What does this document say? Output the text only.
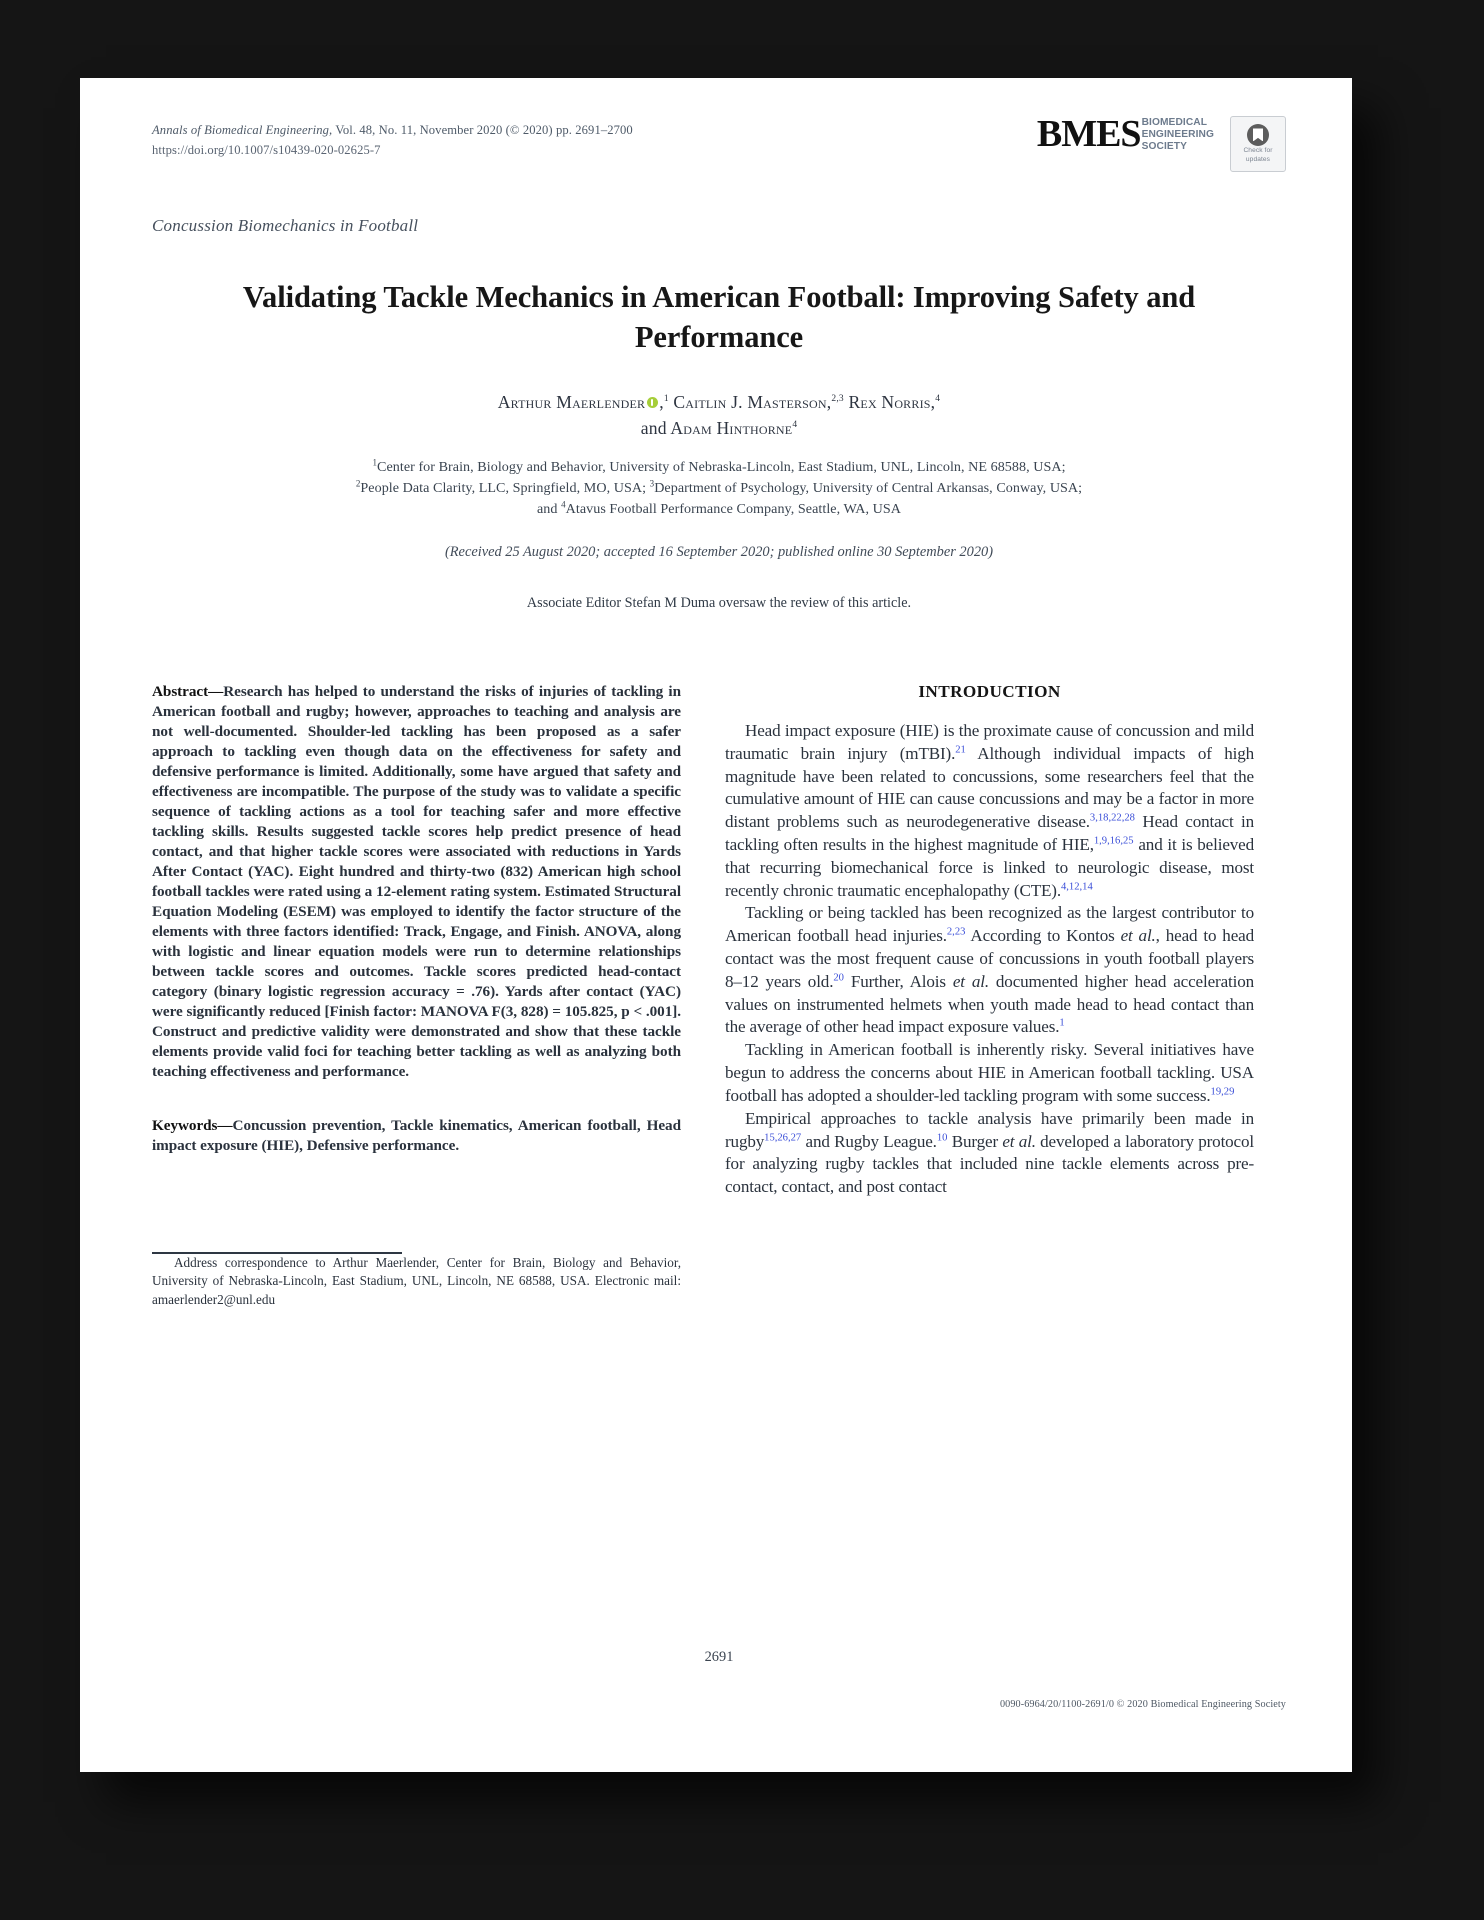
Annals of Biomedical Engineering, Vol. 48, No. 11, November 2020 (© 2020) pp. 2691–2700
https://doi.org/10.1007/s10439-020-02625-7	BMES BIOMEDICAL
ENGINEERING
SOCIETY	Check for
updates
Concussion Biomechanics in Football
Validating Tackle Mechanics in American Football: Improving Safety and Performance
Arthur Maerlender ,$^1$ Caitlin J. Masterson,$^{2,3}$ Rex Norris,$^4$
and Adam Hinthorne$^4$
$^1$Center for Brain, Biology and Behavior, University of Nebraska-Lincoln, East Stadium, UNL, Lincoln, NE 68588, USA;
$^2$People Data Clarity, LLC, Springfield, MO, USA; $^3$Department of Psychology, University of Central Arkansas, Conway, USA;
and $^4$Atavus Football Performance Company, Seattle, WA, USA
(Received 25 August 2020; accepted 16 September 2020; published online 30 September 2020)
Associate Editor Stefan M Duma oversaw the review of this article.

Abstract—Research has helped to understand the risks of injuries of tackling in American football and rugby; however, approaches to teaching and analysis are not well-documented. Shoulder-led tackling has been proposed as a safer approach to tackling even though data on the effectiveness for safety and defensive performance is limited. Additionally, some have argued that safety and effectiveness are incompatible. The purpose of the study was to validate a specific sequence of tackling actions as a tool for teaching safer and more effective tackling skills. Results suggested tackle scores help predict presence of head contact, and that higher tackle scores were associated with reductions in Yards After Contact (YAC). Eight hundred and thirty-two (832) American high school football tackles were rated using a 12-element rating system. Estimated Structural Equation Modeling (ESEM) was employed to identify the factor structure of the elements with three factors identified: Track, Engage, and Finish. ANOVA, along with logistic and linear equation models were run to determine relationships between tackle scores and outcomes. Tackle scores predicted head-contact category (binary logistic regression accuracy = .76). Yards after contact (YAC) were significantly reduced [Finish factor: MANOVA F(3, 828) = 105.825, p < .001]. Construct and predictive validity were demonstrated and show that these tackle elements provide valid foci for teaching better tackling as well as analyzing both teaching effectiveness and performance.

Keywords—Concussion prevention, Tackle kinematics, American football, Head impact exposure (HIE), Defensive performance.

Address correspondence to Arthur Maerlender, Center for Brain, Biology and Behavior, University of Nebraska-Lincoln, East Stadium, UNL, Lincoln, NE 68588, USA. Electronic mail: amaerlender2@unl.edu

INTRODUCTION

Head impact exposure (HIE) is the proximate cause of concussion and mild traumatic brain injury (mTBI).$^{21}$ Although individual impacts of high magnitude have been related to concussions, some researchers feel that the cumulative amount of HIE can cause concussions and may be a factor in more distant problems such as neurodegenerative disease.$^{3,18,22,28}$ Head contact in tackling often results in the highest magnitude of HIE,$^{1,9,16,25}$ and it is believed that recurring biomechanical force is linked to neurologic disease, most recently chronic traumatic encephalopathy (CTE).$^{4,12,14}$

Tackling or being tackled has been recognized as the largest contributor to American football head injuries.$^{2,23}$ According to Kontos et al., head to head contact was the most frequent cause of concussions in youth football players 8–12 years old.$^{20}$ Further, Alois et al. documented higher head acceleration values on instrumented helmets when youth made head to head contact than the average of other head impact exposure values.$^1$

Tackling in American football is inherently risky. Several initiatives have begun to address the concerns about HIE in American football tackling. USA football has adopted a shoulder-led tackling program with some success.$^{19,29}$

Empirical approaches to tackle analysis have primarily been made in rugby$^{15,26,27}$ and Rugby League.$^{10}$ Burger et al. developed a laboratory protocol for analyzing rugby tackles that included nine tackle elements across pre-contact, contact, and post contact

2691
0090-6964/20/1100-2691/0 © 2020 Biomedical Engineering Society
